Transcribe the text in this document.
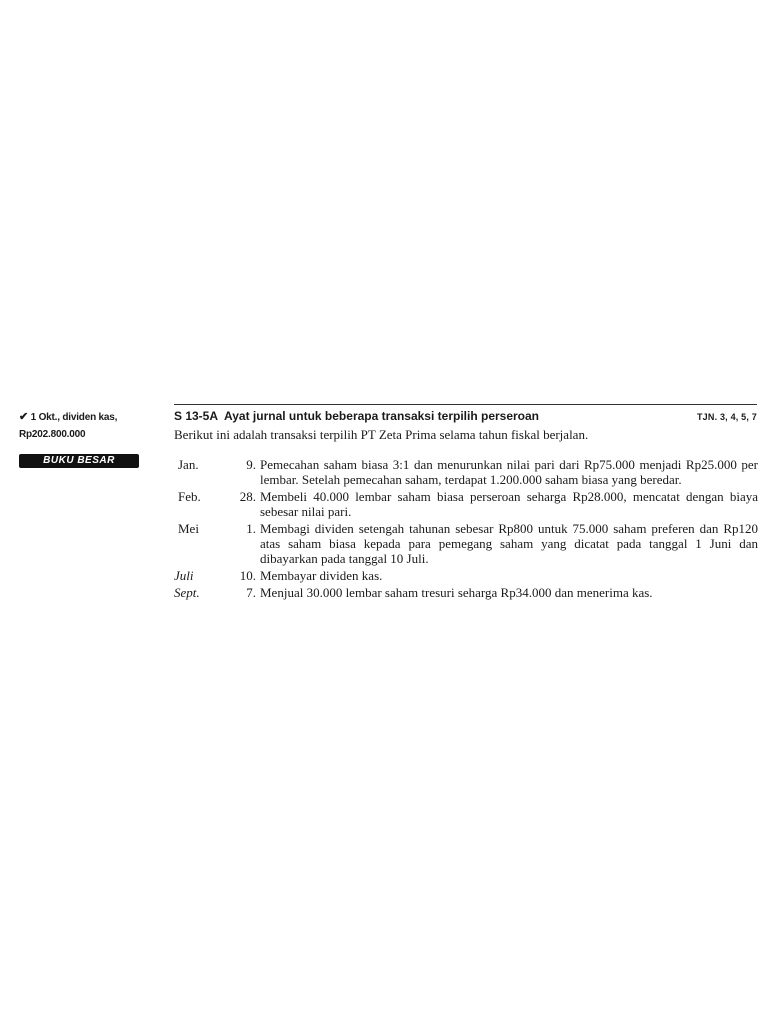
✔ 1 Okt., dividen kas,
Rp202.800.000
BUKU BESAR
S 13-5A Ayat jurnal untuk beberapa transaksi terpilih perseroan	TJN. 3, 4, 5, 7
Berikut ini adalah transaksi terpilih PT Zeta Prima selama tahun fiskal berjalan.
Jan.	9. Pemecahan saham biasa 3:1 dan menurunkan nilai pari dari Rp75.000 menjadi Rp25.000 per lembar. Setelah pemecahan saham, terdapat 1.200.000 saham biasa yang beredar.
Feb.	28. Membeli 40.000 lembar saham biasa perseroan seharga Rp28.000, mencatat dengan biaya sebesar nilai pari.
Mei	1. Membagi dividen setengah tahunan sebesar Rp800 untuk 75.000 saham preferen dan Rp120 atas saham biasa kepada para pemegang saham yang dicatat pada tanggal 1 Juni dan dibayarkan pada tanggal 10 Juli.
Juli	10. Membayar dividen kas.
Sept.	7. Menjual 30.000 lembar saham tresuri seharga Rp34.000 dan menerima kas.
